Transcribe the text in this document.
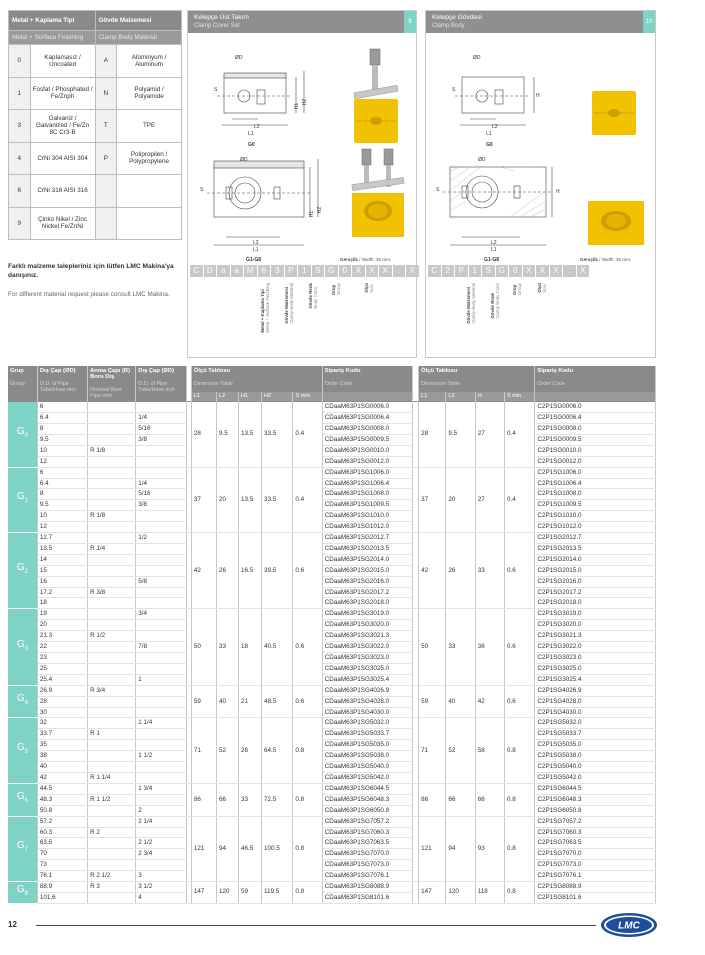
Metal + Kaplama Tipi		Gövde Malzemesi	
Metal + Surface Finishing		Clamp Body Material	
0	Kaplamasız / Uncoated	A	Alüminyum / Aluminum
1	Fosfat / Phosphated / Fe/Znph	N	Polyamid / Polyamide
3	Galvaniz / Galvanized / Fe/Zn 8C Cr3-B	T	TPE
4	CrNi 304 AISI 304	P	Polipropilen / Polypropylene
6	CrNi 316 AISI 316		
9	Çinko Nikel / Zinc Nickel Fe/ZnNi		
Farklı malzeme talepleriniz için lütfen LMC Makina'ya danışınız.
For different material request please consult LMC Makina.
Kelepçe Üst Takım
Clamp Cover Set
9
ØD
S
H1
H2
L2
L1
G0
ØD
S
H1
H2
L2
L1
G1-G8	Genişlik / Width: 30 mm.
C D	a	a M 6	3	P	1	S G	0	X	X	X	.	X
Metal + Kaplama Tipi
Metal + Surface Finishing	Gövde Malzemesi
Clamp Body Material	Gövde Renk
Body Color	Grup
Group	Ölçü
Size
Kelepçe Gövdesi
Clamp Body
10
ØD
S
H
L2
L1
G0
ØD
S	H
L2
L1
G1-G8	Genişlik / Width: 30 mm.
C	2	P	1	S G	0	X	X	X	.	X
Gövde Malzemesi
Clamp Body Material	Gövde Renk
Clamp Body Color	Grup
Group	Ölçü
Size
Grup
Group	Dış Çap (ØD)
O.D. of Pipe Tube/Hose mm	Anma Çapı (R) Boru Dış
Nominal Bore Pipe inch	Dış Çap (ØD)
O.D. of Pipe Tube/Hose inch		Ölçü Tablosu
Dimension Table					Sipariş Kodu
Order Code		Ölçü Tablosu
Dimension Table				Sipariş Kodu
Order Code

					L1	L2	H1	H2	S min.			L1	L2	H	S min.	
$G_0$	6				28	9.5	13.5	33.5	0.4	CDaaM63P1SG0006.0		28	9.5	27	0.4	C2P1SG0006.0
	6.4		1/4							CDaaM63P1SG0006.4						C2P1SG0006.4
	8		5/16							CDaaM63P1SG0008.0						C2P1SG0008.0
	9.5		3/8							CDaaM63P1SG0009.5						C2P1SG0009.5
	10	R 1/8								CDaaM63P1SG0010.0						C2P1SG0010.0
	12									CDaaM63P1SG0012.0						C2P1SG0012.0
$G_1$	6				37	20	13.5	33.5	0.4	CDaaM63P1SG1006.0		37	20	27	0.4	C2P1SG1006.0
	6.4		1/4							CDaaM63P1SG1006.4						C2P1SG1006.4
	8		5/16							CDaaM63P1SG1008.0						C2P1SG1008.0
	9.5		3/8							CDaaM63P1SG1009.5						C2P1SG1009.5
	10	R 1/8								CDaaM63P1SG1010.0						C2P1SG1010.0
	12									CDaaM63P1SG1012.0						C2P1SG1012.0
$G_2$	12.7		1/2		42	26	16.5	39.5	0.6	CDaaM63P1SG2012.7		42	26	33	0.6	C2P1SG2012.7
	13.5	R 1/4								CDaaM63P1SG2013.5						C2P1SG2013.5
	14									CDaaM63P1SG2014.0						C2P1SG2014.0
	15									CDaaM63P1SG2015.0						C2P1SG2015.0
	16		5/8							CDaaM63P1SG2016.0						C2P1SG2016.0
	17.2	R 3/8								CDaaM63P1SG2017.2						C2P1SG2017.2
	18									CDaaM63P1SG2018.0						C2P1SG2018.0
$G_3$	19		3/4		50	33	18	40.5	0.6	CDaaM63P1SG3019.0		50	33	36	0.6	C2P1SG3019.0
	20									CDaaM63P1SG3020.0						C2P1SG3020.0
	21.3	R 1/2								CDaaM63P1SG3021.3						C2P1SG3021.3
	22		7/8							CDaaM63P1SG3022.0						C2P1SG3022.0
	23									CDaaM63P1SG3023.0						C2P1SG3023.0
	25									CDaaM63P1SG3025.0						C2P1SG3025.0
	25.4		1							CDaaM63P1SG3025.4						C2P1SG3025.4
$G_4$	26.9	R 3/4			59	40	21	48.5	0.6	CDaaM63P1SG4026.9		59	40	42	0.6	C2P1SG4026.9
	28									CDaaM63P1SG4028.0						C2P1SG4028.0
	30									CDaaM63P1SG4030.0						C2P1SG4030.0
$G_5$	32		1 1/4		71	52	26	64.5	0.8	CDaaM63P1SG5032.0		71	52	58	0.8	C2P1SG5032.0
	33.7	R 1								CDaaM63P1SG5033.7						C2P1SG5033.7
	35									CDaaM63P1SG5035.0						C2P1SG5035.0
	38		1 1/2							CDaaM63P1SG5038.0						C2P1SG5038.0
	40									CDaaM63P1SG5040.0						C2P1SG5040.0
	42	R 1 1/4								CDaaM63P1SG5042.0						C2P1SG5042.0
$G_6$	44.5		1 3/4		86	66	33	72.5	0.8	CDaaM63P1SG6044.5		86	66	66	0.8	C2P1SG6044.5
	48.3	R 1 1/2								CDaaM63P1SG6048.3						C2P1SG6048.3
	50.8		2							CDaaM63P1SG6050.8						C2P1SG6050.8
$G_7$	57.2		2 1/4		121	94	46.5	100.5	0.8	CDaaM63P1SG7057.2		121	94	93	0.8	C2P1SG7057.2
	60.3	R 2								CDaaM63P1SG7060.3						C2P1SG7060.3
	63.5		2 1/2							CDaaM63P1SG7063.5						C2P1SG7063.5
	70		2 3/4							CDaaM63P1SG7070.0						C2P1SG7070.0
	73									CDaaM63P1SG7073.0						C2P1SG7073.0
	76.1	R 2 1/2	3							CDaaM63P1SG7076.1						C2P1SG7076.1
$G_8$	88.9	R 3	3 1/2		147	120	59	119.5	0.8	CDaaM63P1SG8088.9		147	120	118	0.8	C2P1SG8088.9
	101.6		4							CDaaM63P1SG8101.6						C2P1SG8101.6
12	LMC
